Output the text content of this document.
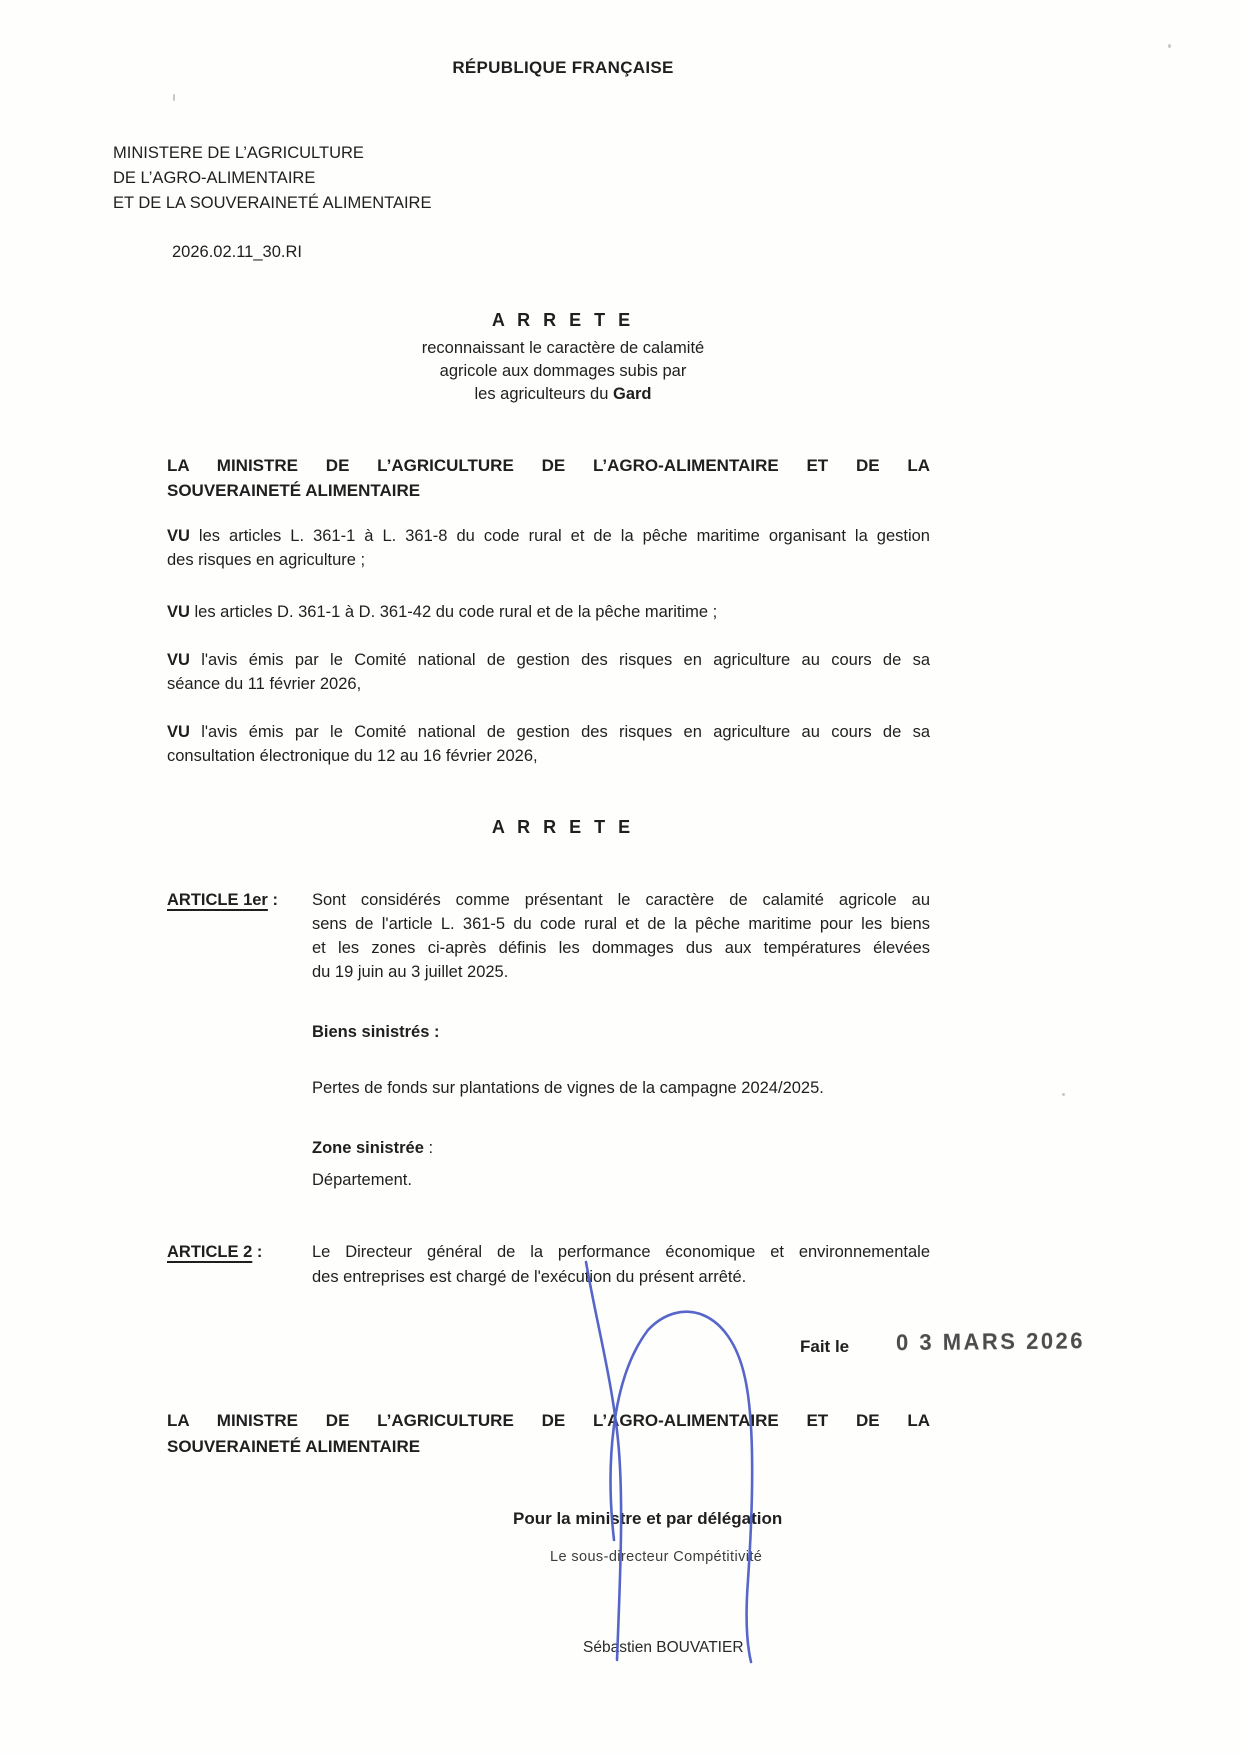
RÉPUBLIQUE FRANÇAISE
MINISTERE DE L’AGRICULTURE
DE L’AGRO-ALIMENTAIRE
ET DE LA SOUVERAINETÉ ALIMENTAIRE
2026.02.11_30.RI
A R R E T E
reconnaissant le caractère de calamité
agricole aux dommages subis par
les agriculteurs du Gard
LA MINISTRE DE L’AGRICULTURE DE L’AGRO-ALIMENTAIRE ET DE LA
SOUVERAINETÉ ALIMENTAIRE
VU les articles L. 361-1 à L. 361-8 du code rural et de la pêche maritime organisant la gestion
des risques en agriculture ;
VU les articles D. 361-1 à D. 361-42 du code rural et de la pêche maritime ;
VU l'avis émis par le Comité national de gestion des risques en agriculture au cours de sa
séance du 11 février 2026,
VU l'avis émis par le Comité national de gestion des risques en agriculture au cours de sa
consultation électronique du 12 au 16 février 2026,
A R R E T E
ARTICLE 1er : Sont considérés comme présentant le caractère de calamité agricole au
sens de l'article L. 361-5 du code rural et de la pêche maritime pour les biens
et les zones ci-après définis les dommages dus aux températures élevées
du 19 juin au 3 juillet 2025.
Biens sinistrés :
Pertes de fonds sur plantations de vignes de la campagne 2024/2025.
Zone sinistrée :
Département.
ARTICLE 2 :	Le Directeur général de la performance économique et environnementale
des entreprises est chargé de l'exécution du présent arrêté.
Fait le 0 3 MARS 2026
LA MINISTRE DE L’AGRICULTURE DE L’AGRO-ALIMENTAIRE ET DE LA
SOUVERAINETÉ ALIMENTAIRE
Pour la ministre et par délégation
Le sous-directeur Compétitivité
Sébastien BOUVATIER
